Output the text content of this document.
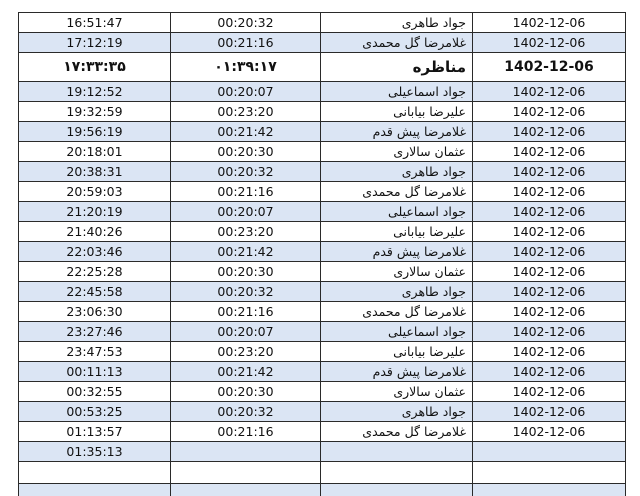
16:51:47	00:20:32	جواد طاهری	1402-12-06
17:12:19	00:21:16	غلامرضا گل محمدی	1402-12-06
۱۷:۳۳:۳۵	۰۱:۳۹:۱۷	مناظره	1402-12-06
19:12:52	00:20:07	جواد اسماعیلی	1402-12-06
19:32:59	00:23:20	علیرضا بیابانی	1402-12-06
19:56:19	00:21:42	غلامرضا پیش قدم	1402-12-06
20:18:01	00:20:30	عثمان سالاری	1402-12-06
20:38:31	00:20:32	جواد طاهری	1402-12-06
20:59:03	00:21:16	غلامرضا گل محمدی	1402-12-06
21:20:19	00:20:07	جواد اسماعیلی	1402-12-06
21:40:26	00:23:20	علیرضا بیابانی	1402-12-06
22:03:46	00:21:42	غلامرضا پیش قدم	1402-12-06
22:25:28	00:20:30	عثمان سالاری	1402-12-06
22:45:58	00:20:32	جواد طاهری	1402-12-06
23:06:30	00:21:16	غلامرضا گل محمدی	1402-12-06
23:27:46	00:20:07	جواد اسماعیلی	1402-12-06
23:47:53	00:23:20	علیرضا بیابانی	1402-12-06
00:11:13	00:21:42	غلامرضا پیش قدم	1402-12-06
00:32:55	00:20:30	عثمان سالاری	1402-12-06
00:53:25	00:20:32	جواد طاهری	1402-12-06
01:13:57	00:21:16	غلامرضا گل محمدی	1402-12-06
01:35:13			
